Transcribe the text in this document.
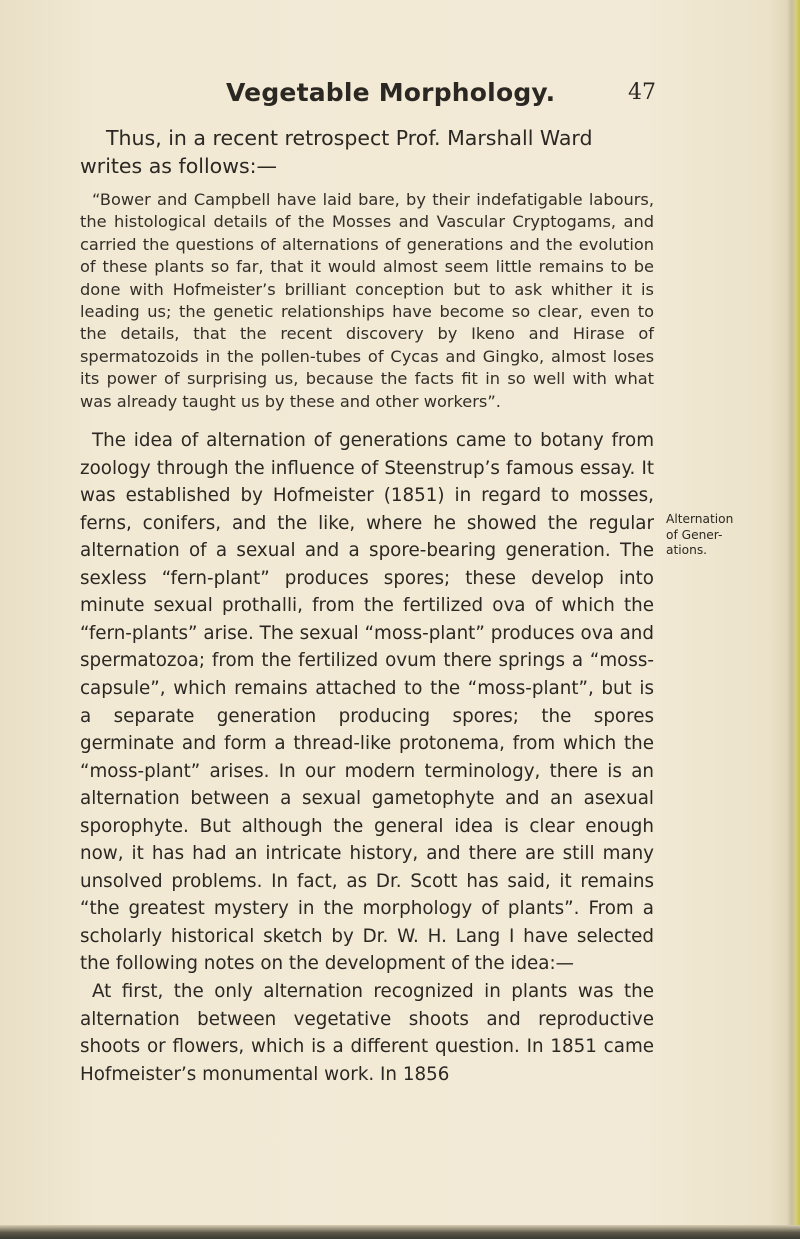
Vegetable Morphology.	47

Thus, in a recent retrospect Prof. Marshall Ward

writes as follows:—

“Bower and Campbell have laid bare, by their indefatigable labours, the histological details of the Mosses and Vascular Cryptogams, and carried the questions of alternations of generations and the evolution of these plants so far, that it would almost seem little remains to be done with Hofmeister’s brilliant conception but to ask whither it is leading us; the genetic relationships have become so clear, even to the details, that the recent discovery by Ikeno and Hirase of spermatozoids in the pollen-tubes of Cycas and Gingko, almost loses its power of surprising us, because the facts fit in so well with what was already taught us by these and other workers”.

The idea of alternation of generations came to botany from zoology through the influence of Steenstrup’s famous essay. It was established by Hofmeister (1851) in regard to mosses, ferns, conifers, and the like, where he showed the regular alternation of a sexual and a spore-bearing generation. The sexless “fern-plant” produces spores; these develop into minute sexual prothalli, from the fertilized ova of which the “fern-plants” arise. The sexual “moss-plant” produces ova and spermatozoa; from the fertilized ovum there springs a “moss-capsule”, which remains attached to the “moss-plant”, but is a separate generation producing spores; the spores germinate and form a thread-like protonema, from which the “moss-plant” arises. In our modern terminology, there is an alternation between a sexual gametophyte and an asexual sporophyte. But although the general idea is clear enough now, it has had an intricate history, and there are still many unsolved problems. In fact, as Dr. Scott has said, it remains “the greatest mystery in the morphology of plants”. From a scholarly historical sketch by Dr. W. H. Lang I have selected the following notes on the development of the idea:—

At first, the only alternation recognized in plants was the alternation between vegetative shoots and reproductive shoots or flowers, which is a different question. In 1851 came Hofmeister’s monumental work. In 1856

Alternation
of Gener-
ations.
